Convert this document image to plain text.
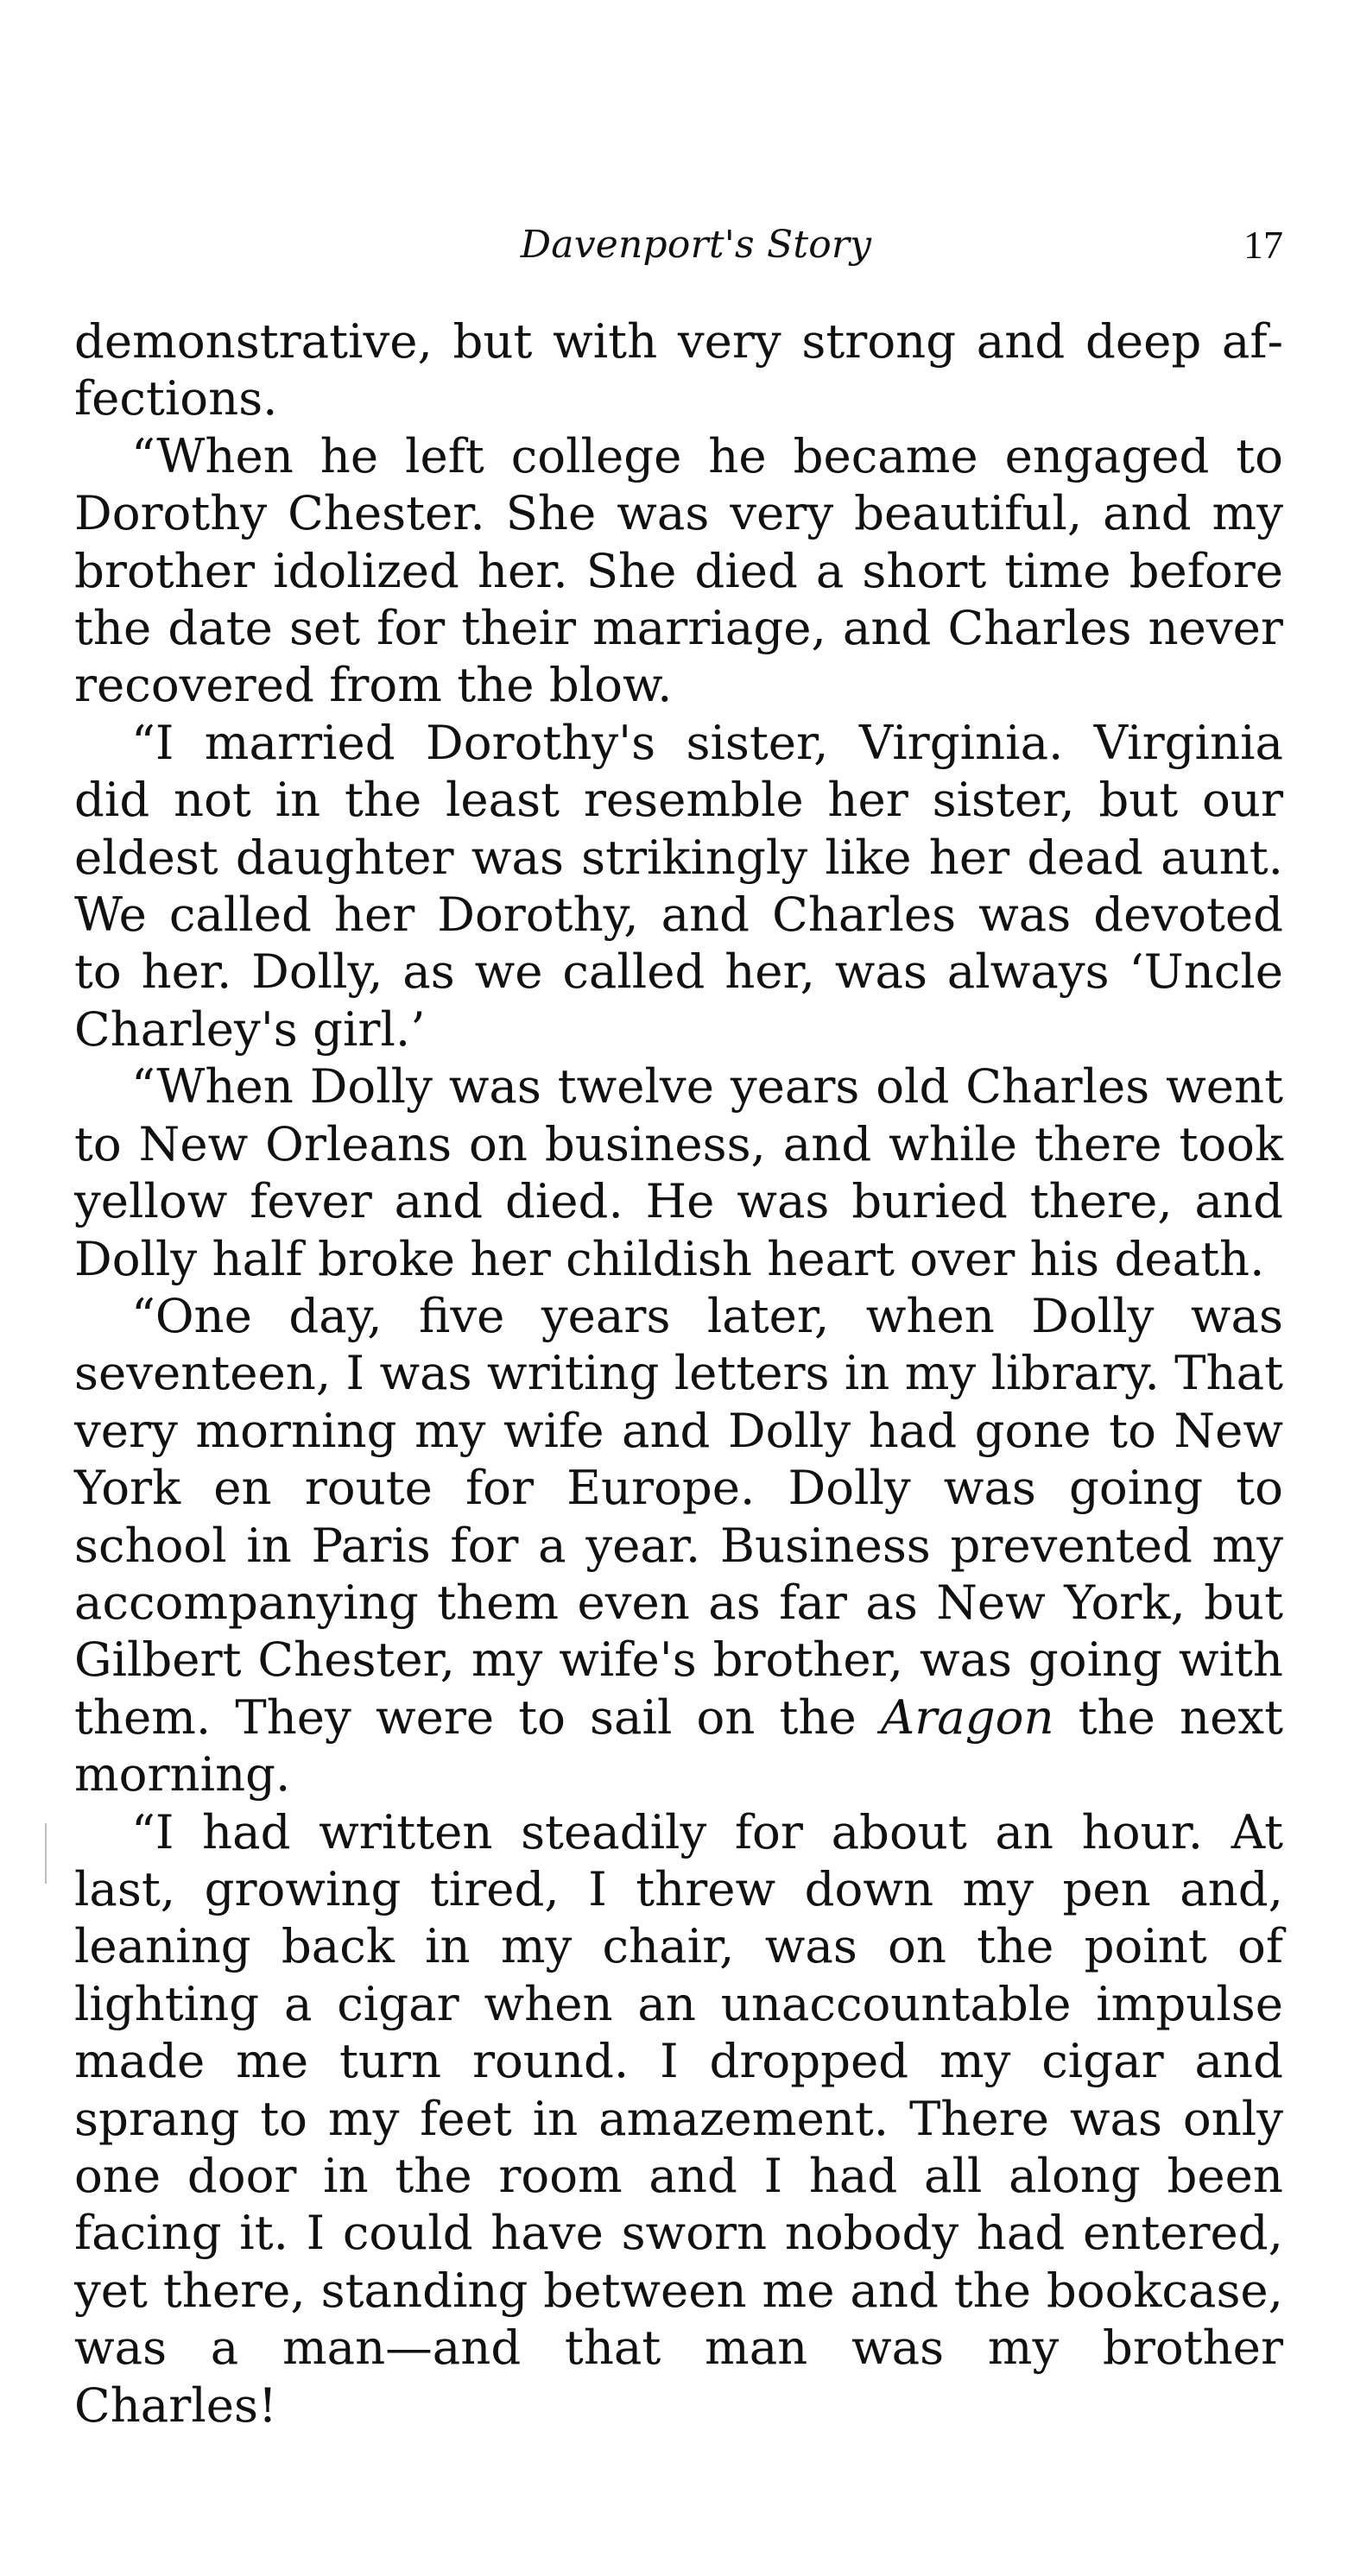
Davenport's Story	17

demonstrative, but with very strong and deep affections.

“When he left college he became engaged to Dorothy Chester. She was very beautiful, and my brother idolized her. She died a short time before the date set for their marriage, and Charles never recovered from the blow.

“I married Dorothy's sister, Virginia. Virginia did not in the least resemble her sister, but our eldest daughter was strikingly like her dead aunt. We called her Dorothy, and Charles was devoted to her. Dolly, as we called her, was always ‘Uncle Charley's girl.’

“When Dolly was twelve years old Charles went to New Orleans on business, and while there took yellow fever and died. He was buried there, and Dolly half broke her childish heart over his death.

“One day, five years later, when Dolly was seventeen, I was writing letters in my library. That very morning my wife and Dolly had gone to New York en route for Europe. Dolly was going to school in Paris for a year. Business prevented my accompanying them even as far as New York, but Gilbert Chester, my wife's brother, was going with them. They were to sail on the Aragon the next morning.

“I had written steadily for about an hour. At last, growing tired, I threw down my pen and, leaning back in my chair, was on the point of lighting a cigar when an unaccountable impulse made me turn round. I dropped my cigar and sprang to my feet in amazement. There was only one door in the room and I had all along been facing it. I could have sworn nobody had entered, yet there, standing between me and the bookcase, was a man—and that man was my brother Charles!
